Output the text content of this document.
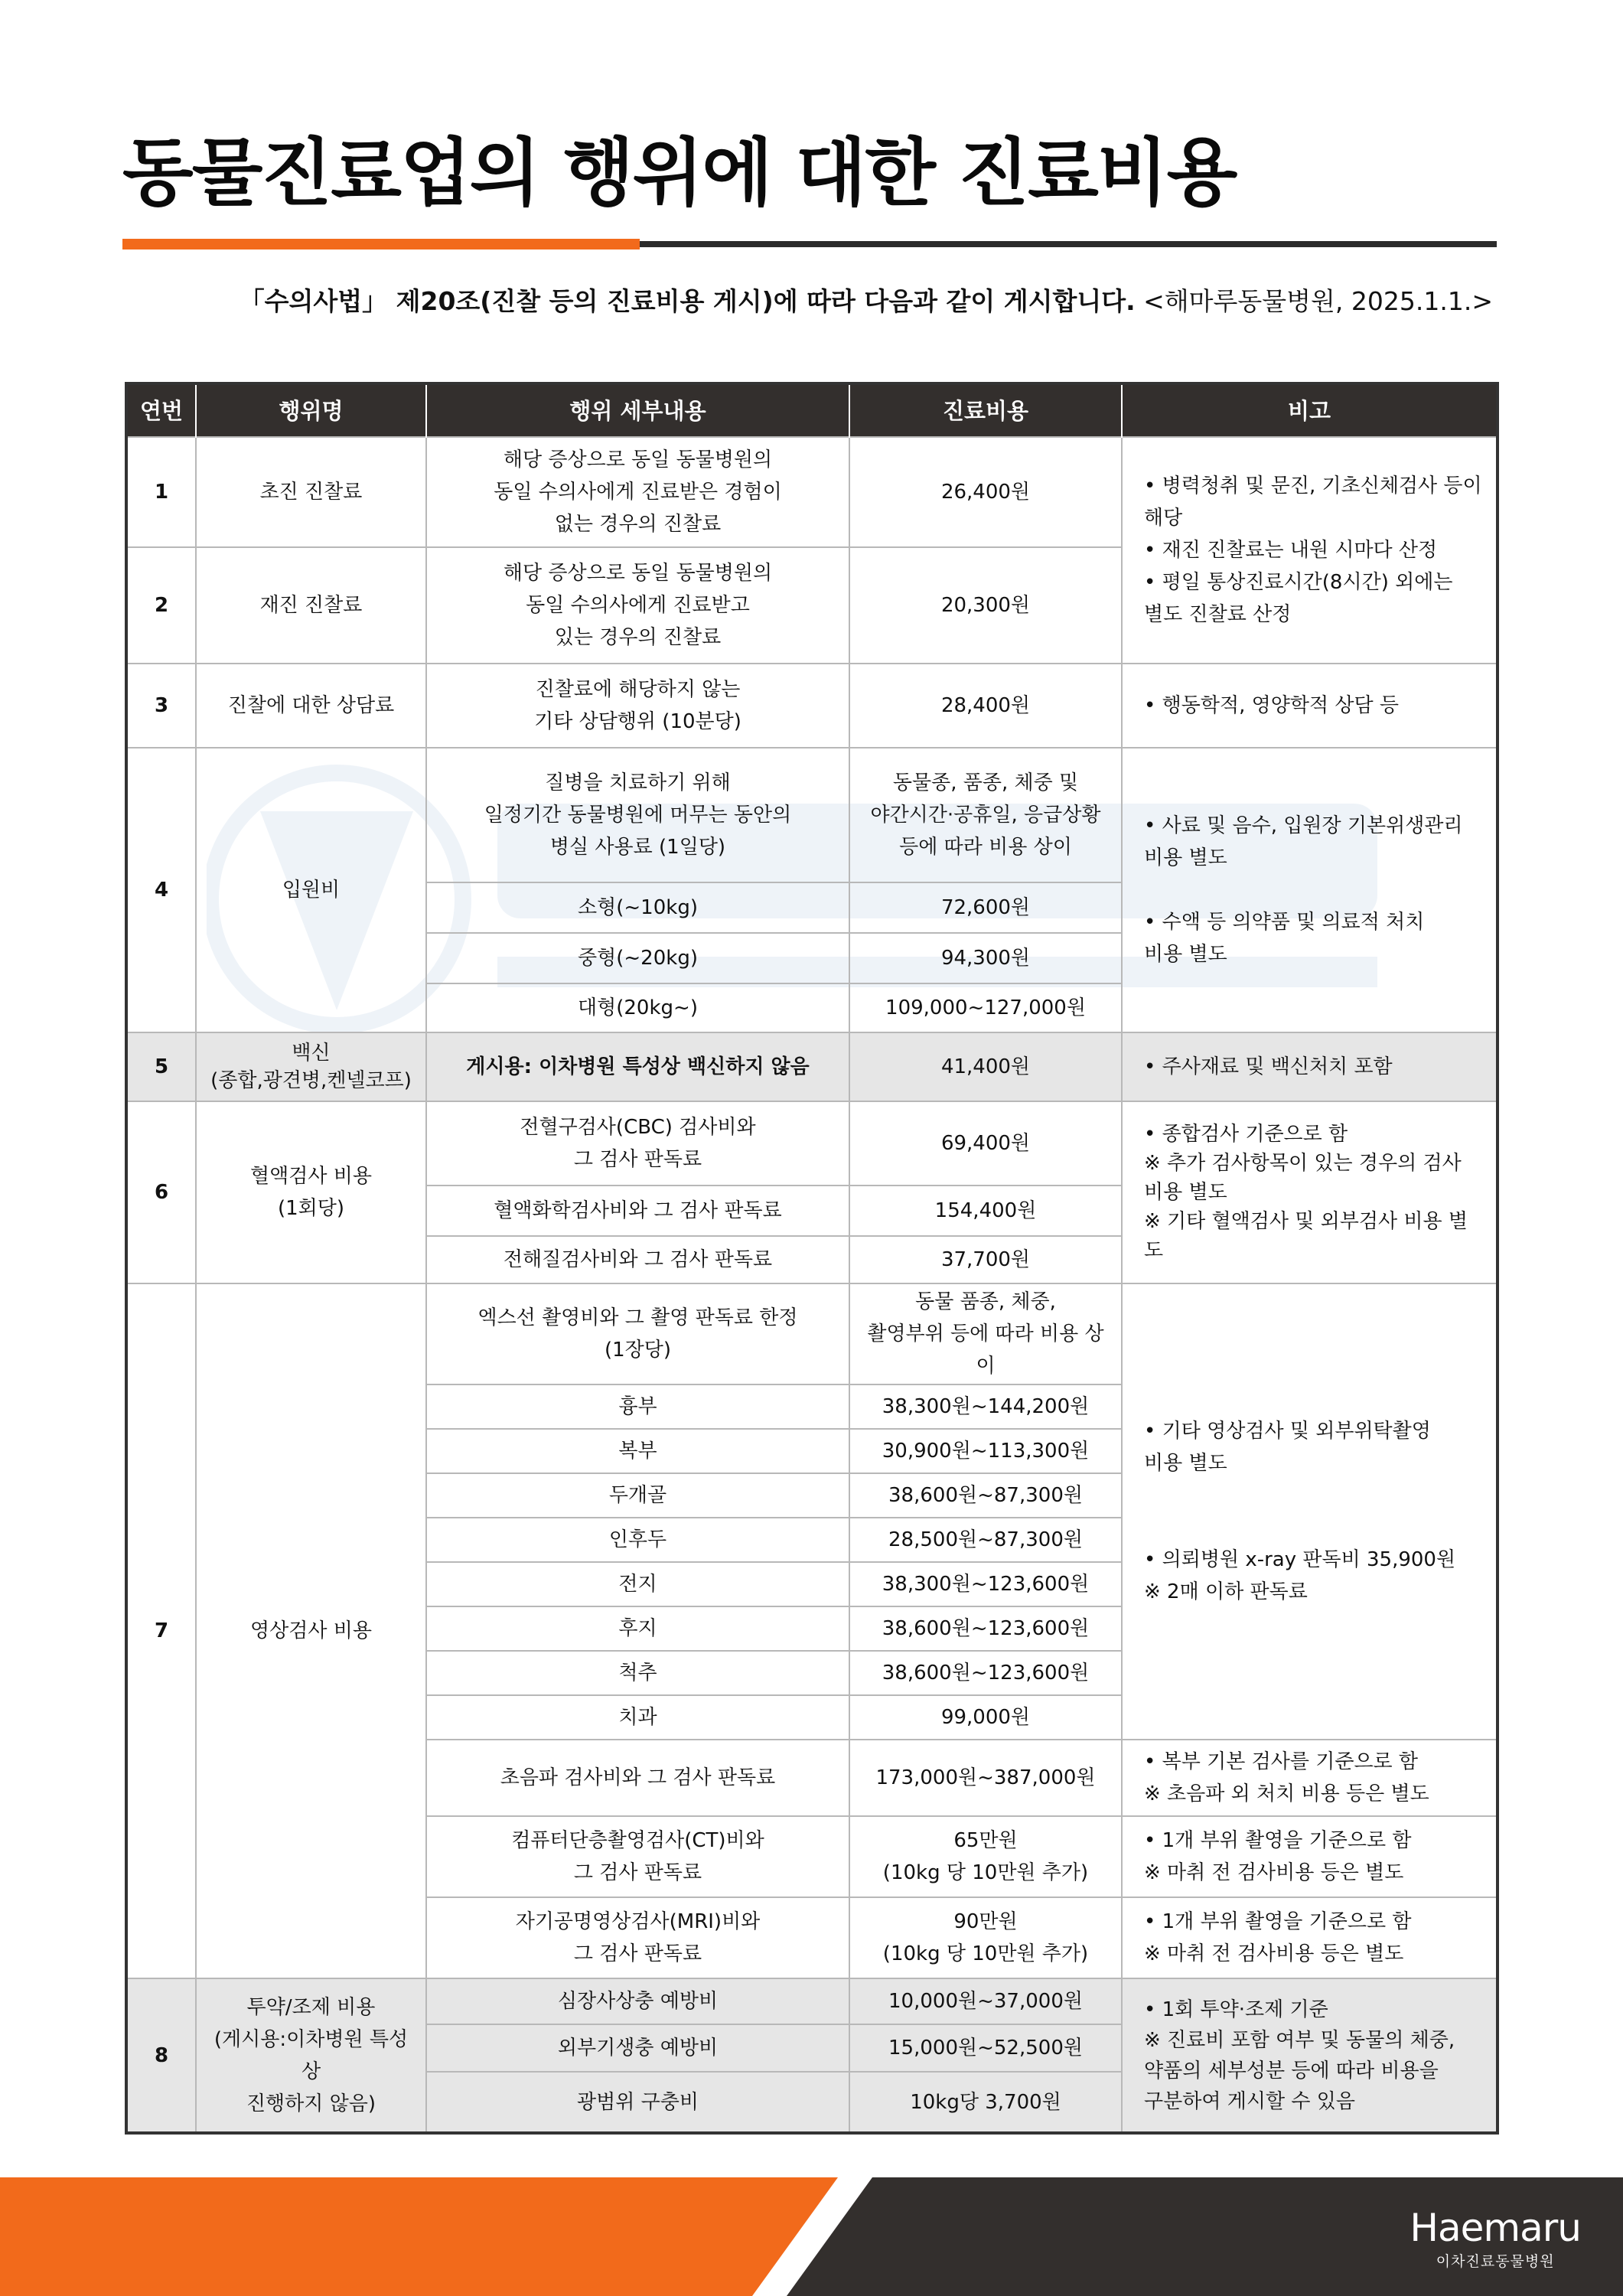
동물진료업의 행위에 대한 진료비용
「수의사법」 제20조(진찰 등의 진료비용 게시)에 따라 다음과 같이 게시합니다. <해마루동물병원, 2025.1.1.>
연번	행위명	행위 세부내용	진료비용	비고
1	초진 진찰료	해당 증상으로 동일 동물병원의
동일 수의사에게 진료받은 경험이
없는 경우의 진찰료	26,400원	• 병력청취 및 문진, 기초신체검사 등이
해당
• 재진 진찰료는 내원 시마다 산정
• 평일 통상진료시간(8시간) 외에는
별도 진찰료 산정
2	재진 진찰료	해당 증상으로 동일 동물병원의
동일 수의사에게 진료받고
있는 경우의 진찰료	20,300원	
3	진찰에 대한 상담료	진찰료에 해당하지 않는
기타 상담행위 (10분당)	28,400원	• 행동학적, 영양학적 상담 등
4	입원비	질병을 치료하기 위해
일정기간 동물병원에 머무는 동안의
병실 사용료 (1일당)	동물종, 품종, 체중 및
야간시간·공휴일, 응급상황
등에 따라 비용 상이	• 사료 및 음수, 입원장 기본위생관리
비용 별도

• 수액 등 의약품 및 의료적 처치
비용 별도
		소형(~10kg)	72,600원	
		중형(~20kg)	94,300원	
		대형(20kg~)	109,000~127,000원	
5	백신
(종합,광견병,켄넬코프)	게시용: 이차병원 특성상 백신하지 않음	41,400원	• 주사재료 및 백신처치 포함
6	혈액검사 비용
(1회당)	전혈구검사(CBC) 검사비와
그 검사 판독료	69,400원	• 종합검사 기준으로 함
※ 추가 검사항목이 있는 경우의 검사
비용 별도
※ 기타 혈액검사 및 외부검사 비용 별도
		혈액화학검사비와 그 검사 판독료	154,400원	
		전해질검사비와 그 검사 판독료	37,700원	
7	영상검사 비용	엑스선 촬영비와 그 촬영 판독료 한정
(1장당)	동물 품종, 체중,
촬영부위 등에 따라 비용 상이	• 기타 영상검사 및 외부위탁촬영
비용 별도

• 의뢰병원 x-ray 판독비 35,900원
※ 2매 이하 판독료
		흉부	38,300원~144,200원	
		복부	30,900원~113,300원	
		두개골	38,600원~87,300원	
		인후두	28,500원~87,300원	
		전지	38,300원~123,600원	
		후지	38,600원~123,600원	
		척추	38,600원~123,600원	
		치과	99,000원	
		초음파 검사비와 그 검사 판독료	173,000원~387,000원	• 복부 기본 검사를 기준으로 함
※ 초음파 외 처치 비용 등은 별도
		컴퓨터단층촬영검사(CT)비와
그 검사 판독료	65만원
(10kg 당 10만원 추가)	• 1개 부위 촬영을 기준으로 함
※ 마취 전 검사비용 등은 별도
		자기공명영상검사(MRI)비와
그 검사 판독료	90만원
(10kg 당 10만원 추가)	• 1개 부위 촬영을 기준으로 함
※ 마취 전 검사비용 등은 별도
8	투약/조제 비용
(게시용:이차병원 특성상
진행하지 않음)	심장사상충 예방비	10,000원~37,000원	• 1회 투약·조제 기준
※ 진료비 포함 여부 및 동물의 체중,
약품의 세부성분 등에 따라 비용을
구분하여 게시할 수 있음
		외부기생충 예방비	15,000원~52,500원	
		광범위 구충비	10kg당 3,700원	
Haemaru
이차진료동물병원
